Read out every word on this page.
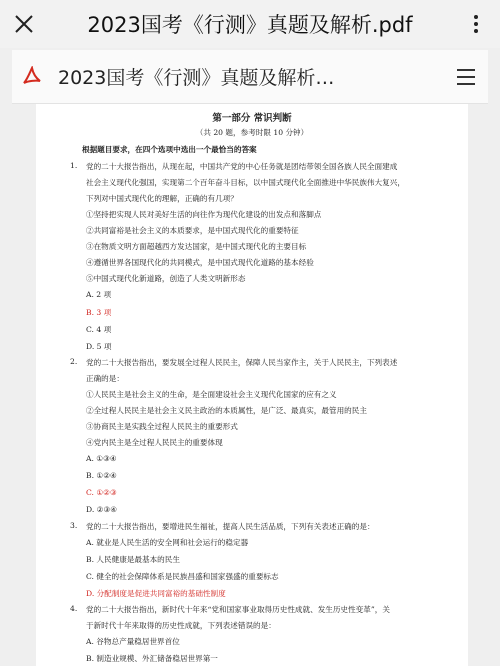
2023国考《行测》真题及解析.pdf
2023国考《行测》真题及解析…
第一部分 常识判断
（共 20 题，参考时限 10 分钟）
根据题目要求，在四个选项中选出一个最恰当的答案
1. 党的二十大报告指出，从现在起，中国共产党的中心任务就是团结带领全国各族人民全面建成
社会主义现代化强国，实现第二个百年奋斗目标，以中国式现代化全面推进中华民族伟大复兴，
下列对中国式现代化的理解，正确的有几项？
①坚持把实现人民对美好生活的向往作为现代化建设的出发点和落脚点
②共同富裕是社会主义的本质要求，是中国式现代化的重要特征
③在物质文明方面超越西方发达国家，是中国式现代化的主要目标
④遵循世界各国现代化的共同模式，是中国式现代化道路的基本经验
⑤中国式现代化新道路，创造了人类文明新形态
A. 2 项
B. 3 项
C. 4 项
D. 5 项
2. 党的二十大报告指出，要发展全过程人民民主，保障人民当家作主，关于人民民主，下列表述
正确的是：
①人民民主是社会主义的生命，是全面建设社会主义现代化国家的应有之义
②全过程人民民主是社会主义民主政治的本质属性，是广泛、最真实，最管用的民主
③协商民主是实践全过程人民民主的重要形式
④党内民主是全过程人民民主的重要体现
A. ①③④
B. ①②④
C. ①②③
D. ②③④
3. 党的二十大报告指出，要增进民生福祉，提高人民生活品质，下列有关表述正确的是：
A. 就业是人民生活的安全网和社会运行的稳定器
B. 人民健康是最基本的民生
C. 健全的社会保障体系是民族昌盛和国家强盛的重要标志
D. 分配制度是促进共同富裕的基础性制度
4. 党的二十大报告指出，新时代十年来“党和国家事业取得历史性成就、发生历史性变革”，关
于新时代十年来取得的历史性成就，下列表述错误的是：
A. 谷物总产量稳居世界首位
B. 制造业规模、外汇储备稳居世界第一
